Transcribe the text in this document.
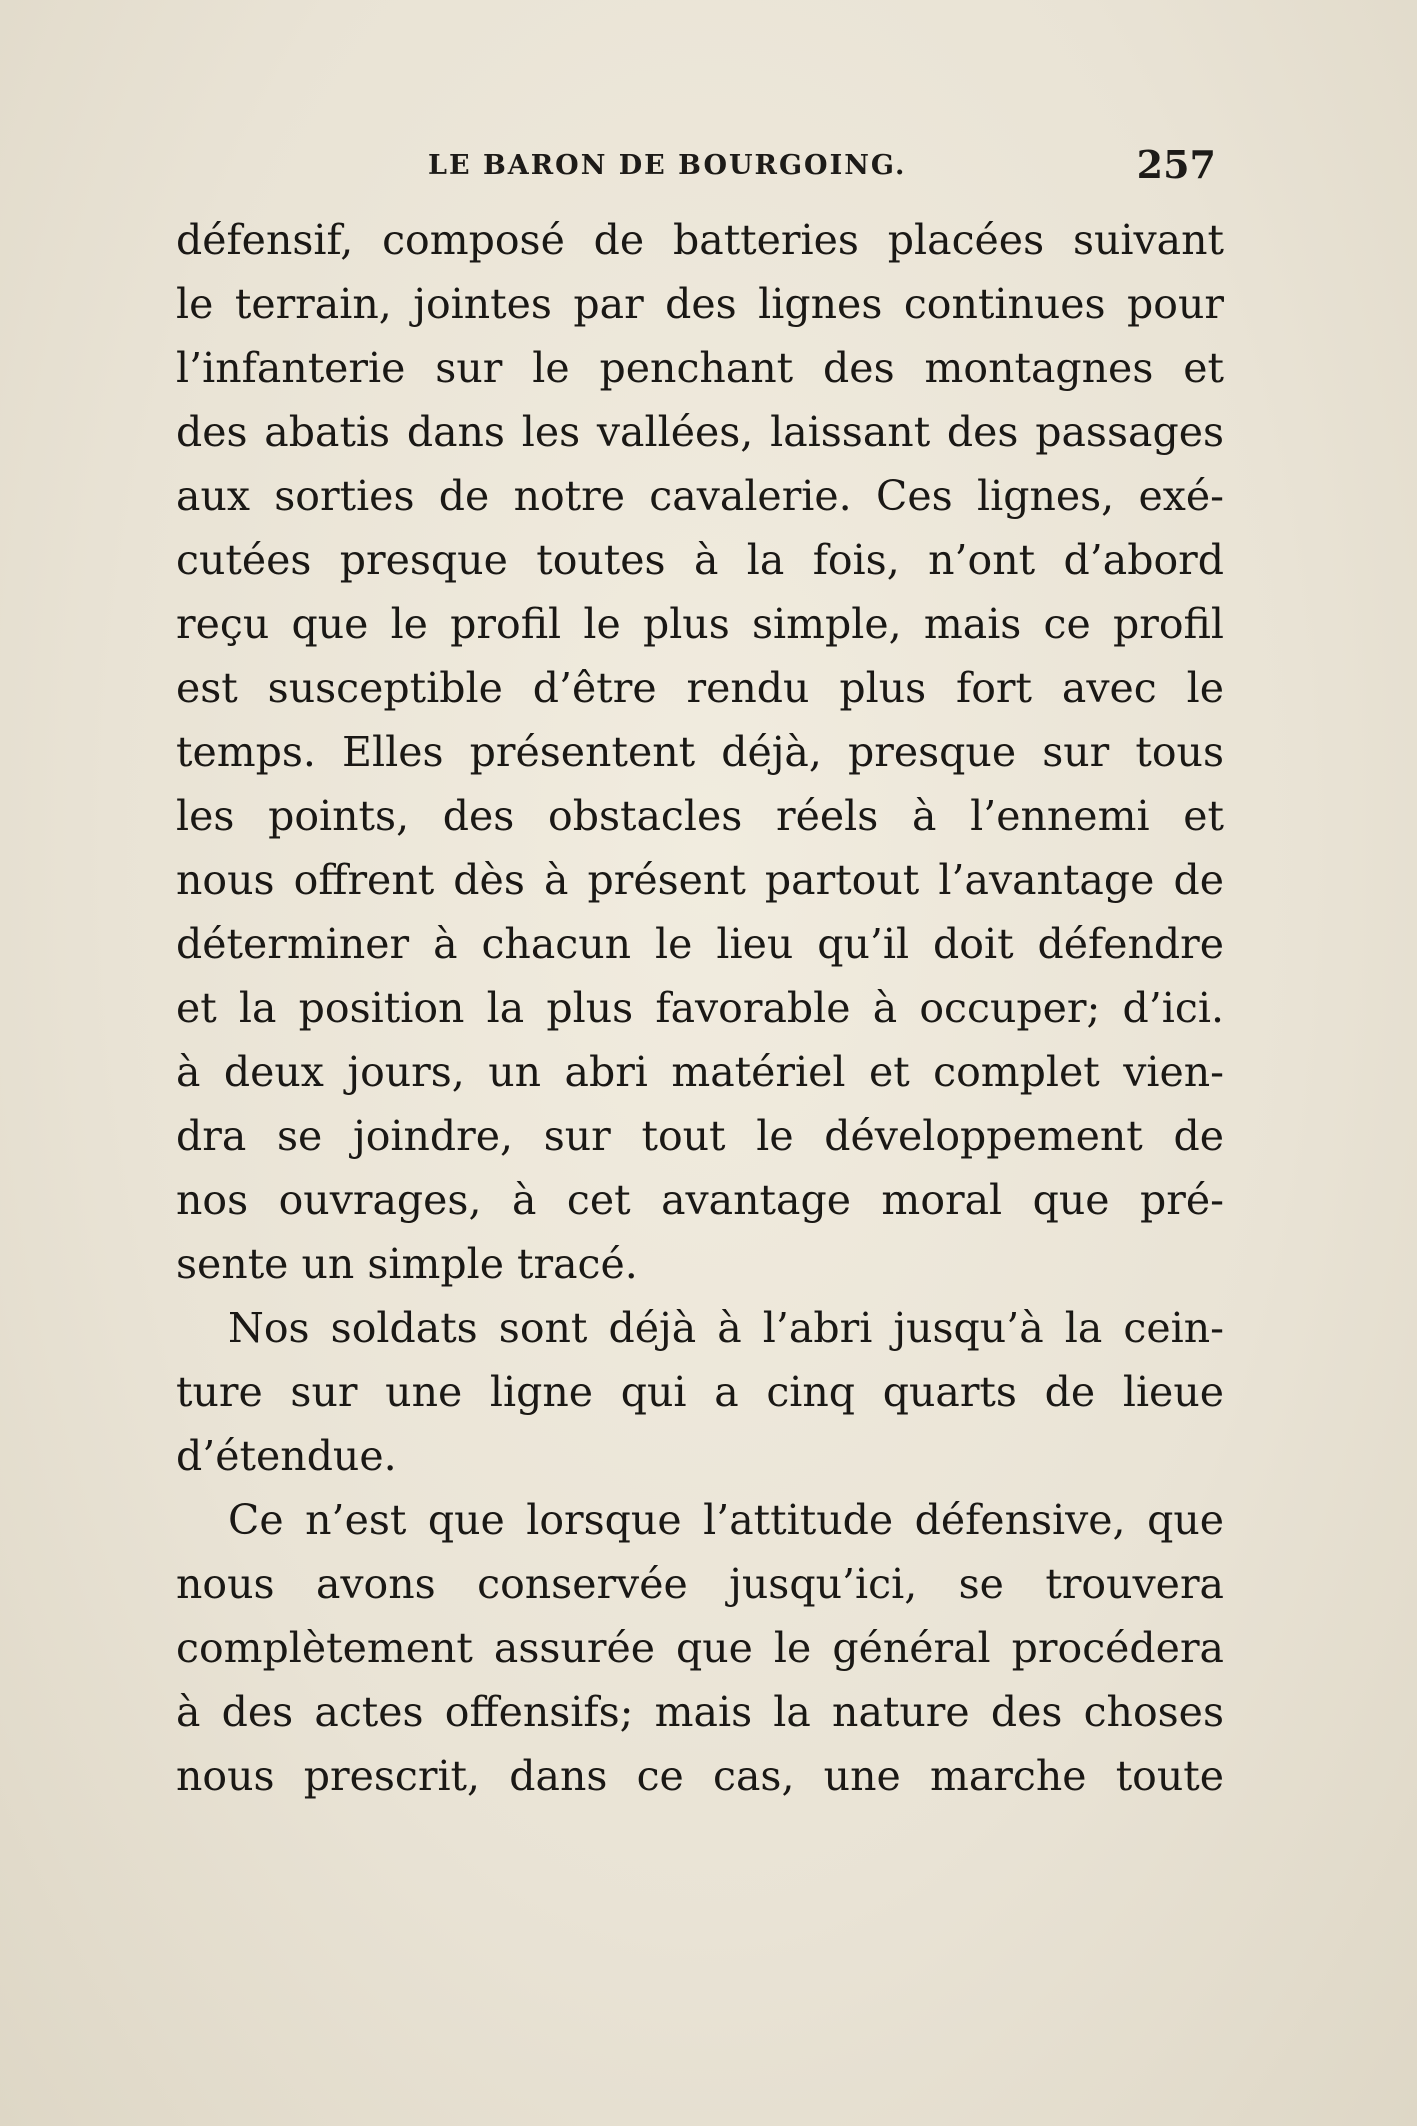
LE BARON DE BOURGOING.	257
défensif, composé de batteries placées suivant
le terrain, jointes par des lignes continues pour
l’infanterie sur le penchant des montagnes et
des abatis dans les vallées, laissant des passages
aux sorties de notre cavalerie. Ces lignes, exé-
cutées presque toutes à la fois, n’ont d’abord
reçu que le profil le plus simple, mais ce profil
est susceptible d’être rendu plus fort avec le
temps. Elles présentent déjà, presque sur tous
les points, des obstacles réels à l’ennemi et
nous offrent dès à présent partout l’avantage de
déterminer à chacun le lieu qu’il doit défendre
et la position la plus favorable à occuper; d’ici.
à deux jours, un abri matériel et complet vien-
dra se joindre, sur tout le développement de
nos ouvrages, à cet avantage moral que pré-
sente un simple tracé.
Nos soldats sont déjà à l’abri jusqu’à la cein-
ture sur une ligne qui a cinq quarts de lieue
d’étendue.
Ce n’est que lorsque l’attitude défensive, que
nous avons conservée jusqu’ici, se trouvera
complètement assurée que le général procédera
à des actes offensifs; mais la nature des choses
nous prescrit, dans ce cas, une marche toute
